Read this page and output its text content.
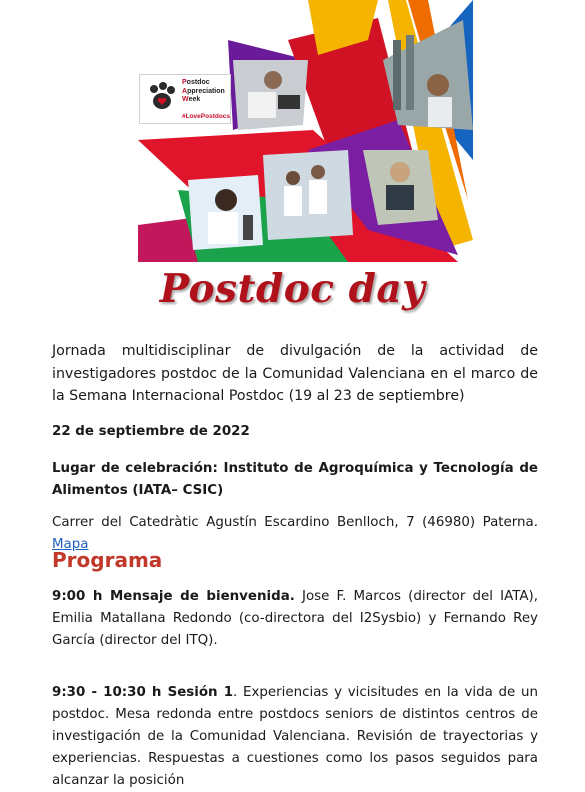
Postdoc
Appreciation
Week
#LovePostdocs
Postdoc day

Jornada multidisciplinar de divulgación de la actividad de investigadores postdoc de la Comunidad Valenciana en el marco de la Semana Internacional Postdoc (19 al 23 de septiembre)

22 de septiembre de 2022

Lugar de celebración: Instituto de Agroquímica y Tecnología de Alimentos (IATA– CSIC)

Carrer del Catedràtic Agustín Escardino Benlloch, 7 (46980) Paterna. Mapa

Programa

9:00 h Mensaje de bienvenida. Jose F. Marcos (director del IATA), Emilia Matallana Redondo (co-directora del I2Sysbio) y Fernando Rey García (director del ITQ).

9:30 - 10:30 h Sesión 1. Experiencias y vicisitudes en la vida de un postdoc. Mesa redonda entre postdocs seniors de distintos centros de investigación de la Comunidad Valenciana. Revisión de trayectorias y experiencias. Respuestas a cuestiones como los pasos seguidos para alcanzar la posición
